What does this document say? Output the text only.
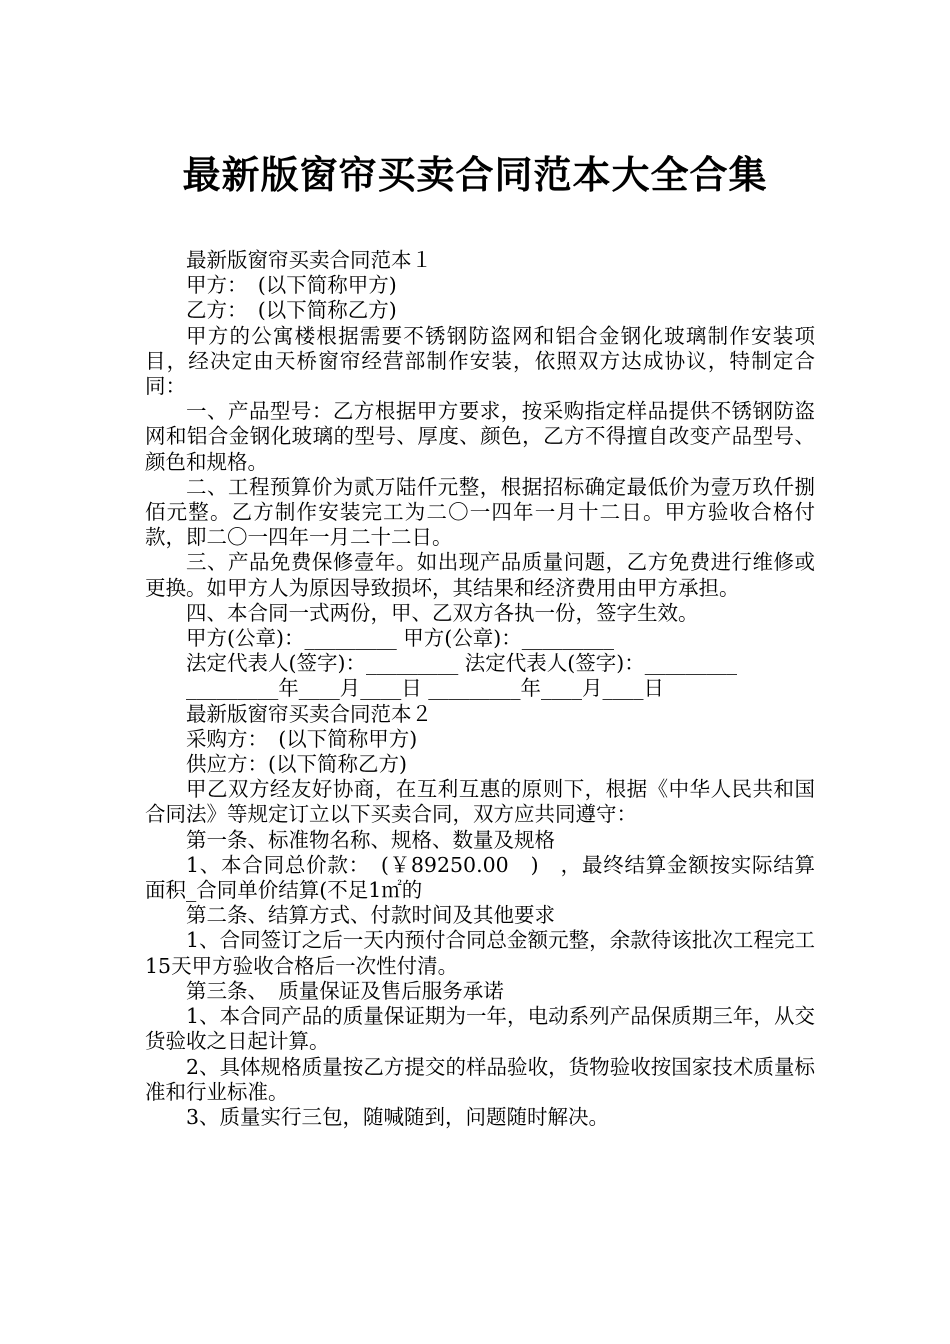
最新版窗帘买卖合同范本大全合集

最新版窗帘买卖合同范本１

甲方：　(以下简称甲方)

乙方：　(以下简称乙方)

甲方的公寓楼根据需要不锈钢防盗网和铝合金钢化玻璃制作安装项目，经决定由天桥窗帘经营部制作安装，依照双方达成协议，特制定合同：

一、产品型号：乙方根据甲方要求，按采购指定样品提供不锈钢防盗网和铝合金钢化玻璃的型号、厚度、颜色，乙方不得擅自改变产品型号、颜色和规格。

二、工程预算价为贰万陆仟元整，根据招标确定最低价为壹万玖仟捌佰元整。乙方制作安装完工为二〇一四年一月十二日。甲方验收合格付款，即二〇一四年一月二十二日。

三、产品免费保修壹年。如出现产品质量问题，乙方免费进行维修或更换。如甲方人为原因导致损坏，其结果和经济费用由甲方承担。

四、本合同一式两份，甲、乙双方各执一份，签字生效。

甲方(公章)：_________ 甲方(公章)：_________

法定代表人(签字)：_________ 法定代表人(签字)：_________

_________年____月____日 _________年____月____日

最新版窗帘买卖合同范本２

采购方：　(以下简称甲方)

供应方：(以下简称乙方)

甲乙双方经友好协商，在互利互惠的原则下，根据《中华人民共和国合同法》等规定订立以下买卖合同，双方应共同遵守：

第一条、标准物名称、规格、数量及规格

1、本合同总价款：　(￥89250.00　)　，最终结算金额按实际结算面积_合同单价结算(不足1㎡的

第二条、结算方式、付款时间及其他要求

1、合同签订之后一天内预付合同总金额元整，余款待该批次工程完工15天甲方验收合格后一次性付清。

第三条、　质量保证及售后服务承诺

1、本合同产品的质量保证期为一年，电动系列产品保质期三年，从交货验收之日起计算。

2、具体规格质量按乙方提交的样品验收，货物验收按国家技术质量标准和行业标准。

3、质量实行三包，随喊随到，问题随时解决。
